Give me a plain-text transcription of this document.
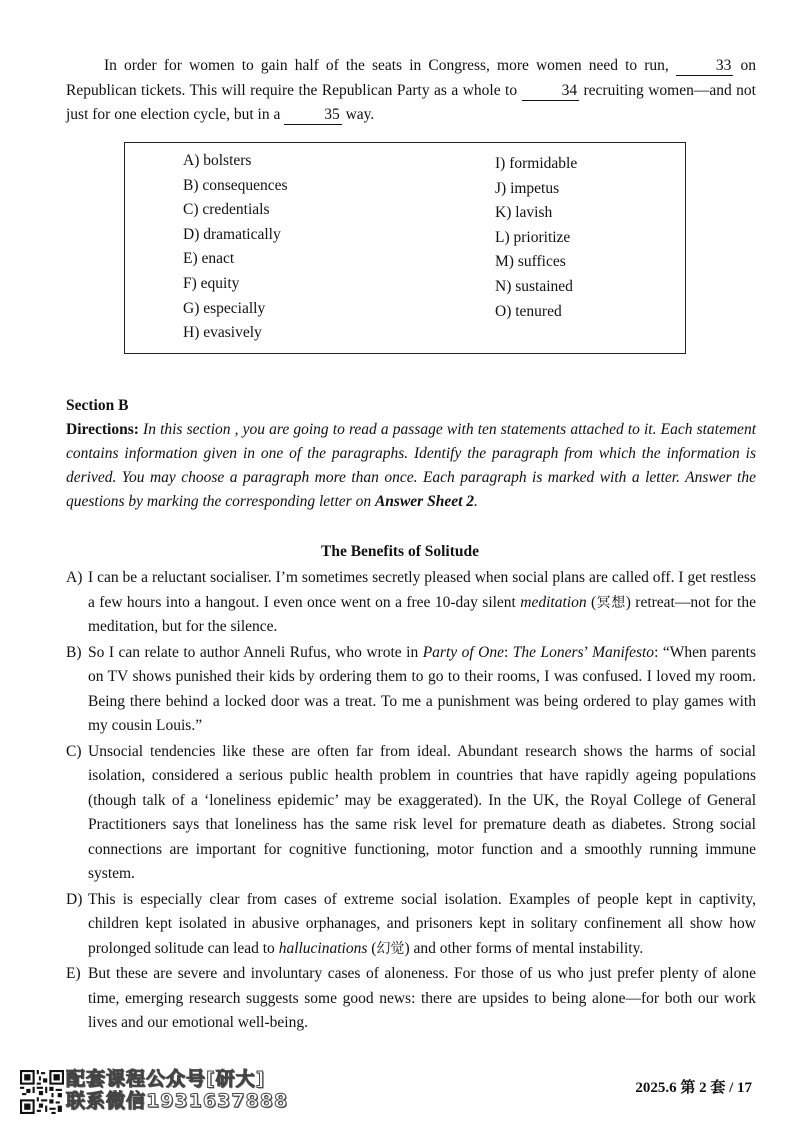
In order for women to gain half of the seats in Congress, more women need to run,	33 on Republican tickets. This will require the Republican Party as a whole to	34 recruiting women—and not just for one election cycle, but in a	35 way.

A) bolsters
B) consequences
C) credentials
D) dramatically
E) enact
F) equity
G) especially
H) evasively
I) formidable
J) impetus
K) lavish
L) prioritize
M) suffices
N) sustained
O) tenured
Section B

Directions: In this section , you are going to read a passage with ten statements attached to it. Each statement contains information given in one of the paragraphs. Identify the paragraph from which the information is derived. You may choose a paragraph more than once. Each paragraph is marked with a letter. Answer the questions by marking the corresponding letter on Answer Sheet 2.

The Benefits of Solitude
A) I can be a reluctant socialiser. I’m sometimes secretly pleased when social plans are called off. I get restless a few hours into a hangout. I even once went on a free 10-day silent meditation (冥想) retreat—not for the meditation, but for the silence.
B) So I can relate to author Anneli Rufus, who wrote in Party of One: The Loners’ Manifesto: “When parents on TV shows punished their kids by ordering them to go to their rooms, I was confused. I loved my room. Being there behind a locked door was a treat. To me a punishment was being ordered to play games with my cousin Louis.”
C) Unsocial tendencies like these are often far from ideal. Abundant research shows the harms of social isolation, considered a serious public health problem in countries that have rapidly ageing populations (though talk of a ‘loneliness epidemic’ may be exaggerated). In the UK, the Royal College of General Practitioners says that loneliness has the same risk level for premature death as diabetes. Strong social connections are important for cognitive functioning, motor function and a smoothly running immune system.
D) This is especially clear from cases of extreme social isolation. Examples of people kept in captivity, children kept isolated in abusive orphanages, and prisoners kept in solitary confinement all show how prolonged solitude can lead to hallucinations (幻觉) and other forms of mental instability.
E) But these are severe and involuntary cases of aloneness. For those of us who just prefer plenty of alone time, emerging research suggests some good news: there are upsides to being alone—for both our work lives and our emotional well-being.
配套课程公众号[研大]
联系微信1931637888
2025.6 第 2 套 / 17
